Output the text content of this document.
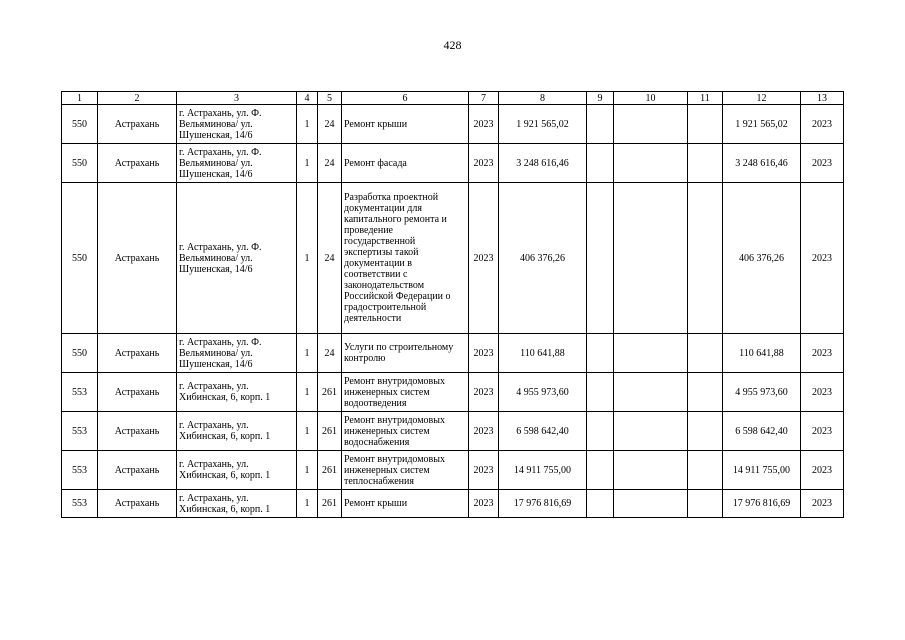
428
1	2	3	4	5	6	7	8	9	10	11	12	13
550	Астрахань	г. Астрахань, ул. Ф. Вельяминова/ ул. Шушенская, 14/6	1	24	Ремонт крыши	2023	1 921 565,02				1 921 565,02	2023
550	Астрахань	г. Астрахань, ул. Ф. Вельяминова/ ул. Шушенская, 14/6	1	24	Ремонт фасада	2023	3 248 616,46				3 248 616,46	2023
550	Астрахань	г. Астрахань, ул. Ф. Вельяминова/ ул. Шушенская, 14/6	1	24	Разработка проектной документации для капитального ремонта и проведение государственной экспертизы такой документации в соответствии с законодательством Российской Федерации о градостроительной деятельности	2023	406 376,26				406 376,26	2023
550	Астрахань	г. Астрахань, ул. Ф. Вельяминова/ ул. Шушенская, 14/6	1	24	Услуги по строительному контролю	2023	110 641,88				110 641,88	2023
553	Астрахань	г. Астрахань, ул. Хибинская, 6, корп. 1	1	261	Ремонт внутридомовых инженерных систем водоотведения	2023	4 955 973,60				4 955 973,60	2023
553	Астрахань	г. Астрахань, ул. Хибинская, 6, корп. 1	1	261	Ремонт внутридомовых инженерных систем водоснабжения	2023	6 598 642,40				6 598 642,40	2023
553	Астрахань	г. Астрахань, ул. Хибинская, 6, корп. 1	1	261	Ремонт внутридомовых инженерных систем теплоснабжения	2023	14 911 755,00				14 911 755,00	2023
553	Астрахань	г. Астрахань, ул. Хибинская, 6, корп. 1	1	261	Ремонт крыши	2023	17 976 816,69				17 976 816,69	2023
